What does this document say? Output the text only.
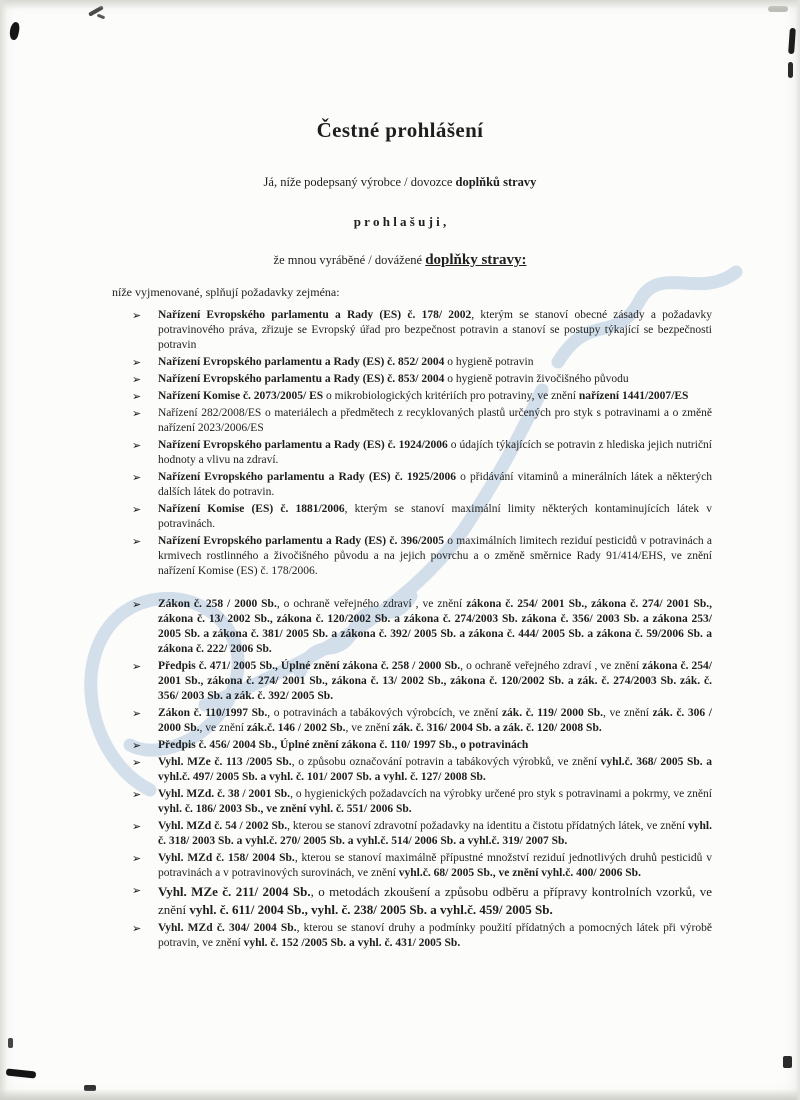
Čestné prohlášení

Já, níže podepsaný výrobce / dovozce doplňků stravy

p r o h l a š u j i ,

že mnou vyráběné / dovážené doplňky stravy:

níže vyjmenované, splňují požadavky zejména:

➢	Nařízení Evropského parlamentu a Rady (ES) č. 178/ 2002, kterým se stanoví obecné zásady a požadavky potravinového práva, zřizuje se Evropský úřad pro bezpečnost potravin a stanoví se postupy týkající se bezpečnosti potravin
➢	Nařízení Evropského parlamentu a Rady (ES) č. 852/ 2004 o hygieně potravin
➢	Nařízení Evropského parlamentu a Rady (ES) č. 853/ 2004 o hygieně potravin živočišného původu
➢	Nařízení Komise č. 2073/2005/ ES o mikrobiologických kritériích pro potraviny, ve znění nařízení 1441/2007/ES
➢	Nařízení 282/2008/ES o materiálech a předmětech z recyklovaných plastů určených pro styk s potravinami a o změně nařízení 2023/2006/ES
➢	Nařízení Evropského parlamentu a Rady (ES) č. 1924/2006 o údajích týkajících se potravin z hlediska jejich nutriční hodnoty a vlivu na zdraví.
➢	Nařízení Evropského parlamentu a Rady (ES) č. 1925/2006 o přidávání vitaminů a minerálních látek a některých dalších látek do potravin.
➢	Nařízení Komise (ES) č. 1881/2006, kterým se stanoví maximální limity některých kontaminujících látek v potravinách.
➢	Nařízení Evropského parlamentu a Rady (ES) č. 396/2005 o maximálních limitech reziduí pesticidů v potravinách a krmivech rostlinného a živočišného původu a na jejich povrchu a o změně směrnice Rady 91/414/EHS, ve znění nařízení Komise (ES) č. 178/2006.
➢	Zákon č. 258 / 2000 Sb., o ochraně veřejného zdraví , ve znění zákona č. 254/ 2001 Sb., zákona č. 274/ 2001 Sb., zákona č. 13/ 2002 Sb., zákona č. 120/2002 Sb. a zákona č. 274/2003 Sb. zákona č. 356/ 2003 Sb. a zákona 253/ 2005 Sb. a zákona č. 381/ 2005 Sb. a zákona č. 392/ 2005 Sb. a zákona č. 444/ 2005 Sb. a zákona č. 59/2006 Sb. a zákona č. 222/ 2006 Sb.
➢	Předpis č. 471/ 2005 Sb., Úplné znění zákona č. 258 / 2000 Sb., o ochraně veřejného zdraví , ve znění zákona č. 254/ 2001 Sb., zákona č. 274/ 2001 Sb., zákona č. 13/ 2002 Sb., zákona č. 120/2002 Sb. a zák. č. 274/2003 Sb. zák. č. 356/ 2003 Sb. a zák. č. 392/ 2005 Sb.
➢	Zákon č. 110/1997 Sb., o potravinách a tabákových výrobcích, ve znění zák. č. 119/ 2000 Sb., ve znění zák. č. 306 / 2000 Sb., ve znění zák.č. 146 / 2002 Sb., ve znění zák. č. 316/ 2004 Sb. a zák. č. 120/ 2008 Sb.
➢	Předpis č. 456/ 2004 Sb., Úplné znění zákona č. 110/ 1997 Sb., o potravinách
➢	Vyhl. MZe č. 113 /2005 Sb., o způsobu označování potravin a tabákových výrobků, ve znění vyhl.č. 368/ 2005 Sb. a vyhl.č. 497/ 2005 Sb. a vyhl. č. 101/ 2007 Sb. a vyhl. č. 127/ 2008 Sb.
➢	Vyhl. MZd. č. 38 / 2001 Sb., o hygienických požadavcích na výrobky určené pro styk s potravinami a pokrmy, ve znění vyhl. č. 186/ 2003 Sb., ve znění vyhl. č. 551/ 2006 Sb.
➢	Vyhl. MZd č. 54 / 2002 Sb., kterou se stanoví zdravotní požadavky na identitu a čistotu přídatných látek, ve znění vyhl. č. 318/ 2003 Sb. a vyhl.č. 270/ 2005 Sb. a vyhl.č. 514/ 2006 Sb. a vyhl.č. 319/ 2007 Sb.
➢	Vyhl. MZd č. 158/ 2004 Sb., kterou se stanoví maximálně přípustné množství reziduí jednotlivých druhů pesticidů v potravinách a v potravinových surovinách, ve znění vyhl.č. 68/ 2005 Sb., ve znění vyhl.č. 400/ 2006 Sb.
➢	Vyhl. MZe č. 211/ 2004 Sb., o metodách zkoušení a způsobu odběru a přípravy kontrolních vzorků, ve znění vyhl. č. 611/ 2004 Sb., vyhl. č. 238/ 2005 Sb. a vyhl.č. 459/ 2005 Sb.
➢	Vyhl. MZd č. 304/ 2004 Sb., kterou se stanoví druhy a podmínky použití přídatných a pomocných látek při výrobě potravin, ve znění vyhl. č. 152 /2005 Sb. a vyhl. č. 431/ 2005 Sb.
